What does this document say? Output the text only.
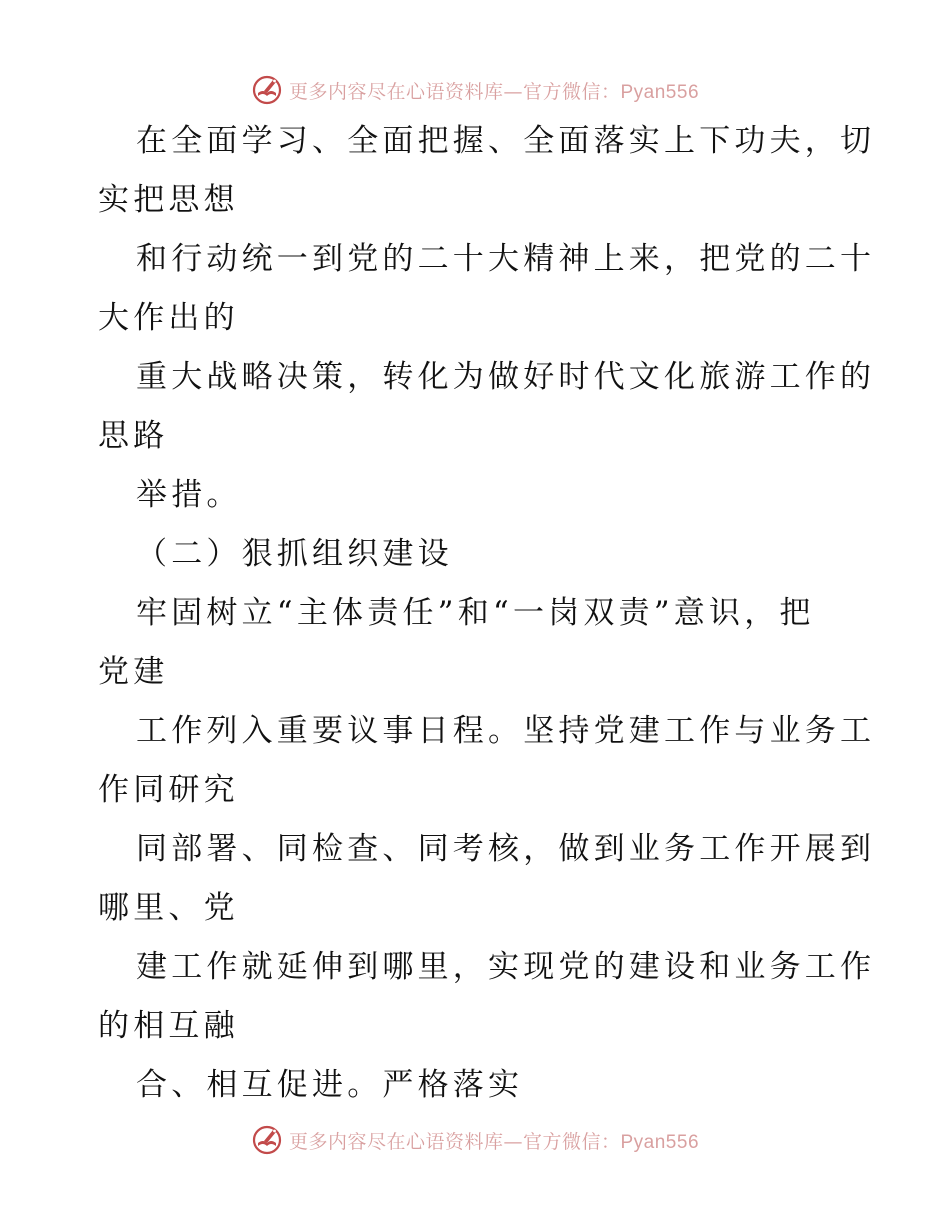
更多内容尽在心语资料库—官方微信：Pyan556
在全面学习、全面把握、全面落实上下功夫，切
实把思想
和行动统一到党的二十大精神上来，把党的二十
大作出的
重大战略决策，转化为做好时代文化旅游工作的
思路
举措。
（二）狠抓组织建设
牢固树立“主体责任”和“一岗双责”意识，把
党建
工作列入重要议事日程。坚持党建工作与业务工
作同研究
同部署、同检查、同考核，做到业务工作开展到
哪里、党
建工作就延伸到哪里，实现党的建设和业务工作
的相互融
合、相互促进。严格落实
更多内容尽在心语资料库—官方微信：Pyan556
